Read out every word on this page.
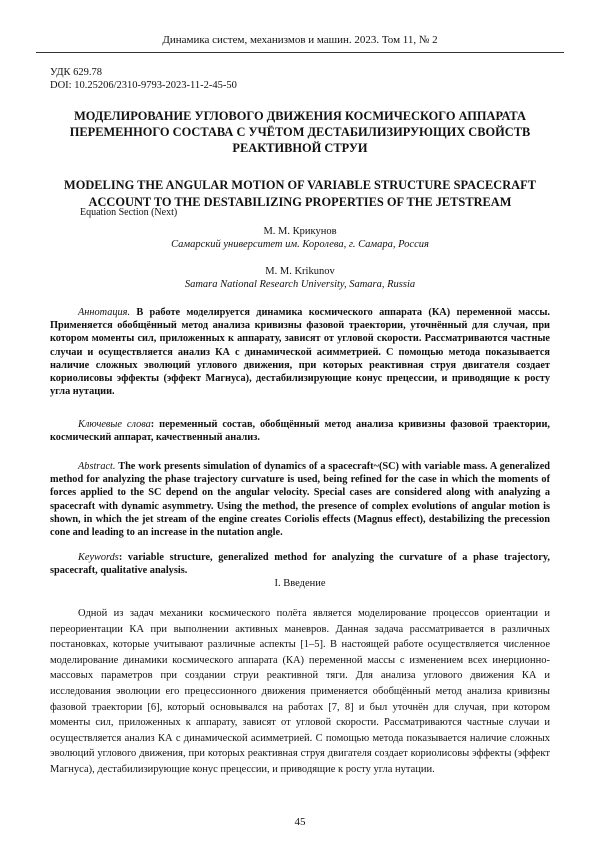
Динамика систем, механизмов и машин. 2023. Том 11, № 2
УДК 629.78
DOI: 10.25206/2310-9793-2023-11-2-45-50
МОДЕЛИРОВАНИЕ УГЛОВОГО ДВИЖЕНИЯ КОСМИЧЕСКОГО АППАРАТА ПЕРЕМЕННОГО СОСТАВА С УЧЁТОМ ДЕСТАБИЛИЗИРУЮЩИХ СВОЙСТВ РЕАКТИВНОЙ СТРУИ
MODELING THE ANGULAR MOTION OF VARIABLE STRUCTURE SPACECRAFT ACCOUNT TO THE DESTABILIZING PROPERTIES OF THE JETSTREAM
Equation Section (Next)
М. М. Крикунов
Самарский университет им. Королева, г. Самара, Россия
M. M. Krikunov
Samara National Research University, Samara, Russia
Аннотация. В работе моделируется динамика космического аппарата (КА) переменной массы. Применяется обобщённый метод анализа кривизны фазовой траектории, уточнённый для случая, при котором моменты сил, приложенных к аппарату, зависят от угловой скорости. Рассматриваются частные случаи и осуществляется анализ КА с динамической асимметрией. С помощью метода показывается наличие сложных эволюций углового движения, при которых реактивная струя двигателя создает кориолисовы эффекты (эффект Магнуса), дестабилизирующие конус прецессии, и приводящие к росту угла нутации.
Ключевые слова: переменный состав, обобщённый метод анализа кривизны фазовой траектории, космический аппарат, качественный анализ.
Abstract. The work presents simulation of dynamics of a spacecraft~(SC) with variable mass. A generalized method for analyzing the phase trajectory curvature is used, being refined for the case in which the moments of forces applied to the SC depend on the angular velocity. Special cases are considered along with analyzing a spacecraft with dynamic asymmetry. Using the method, the presence of complex evolutions of angular motion is shown, in which the jet stream of the engine creates Coriolis effects (Magnus effect), destabilizing the precession cone and leading to an increase in the nutation angle.
Keywords: variable structure, generalized method for analyzing the curvature of a phase trajectory, spacecraft, qualitative analysis.
I. Введение
Одной из задач механики космического полёта является моделирование процессов ориентации и переориентации КА при выполнении активных маневров. Данная задача рассматривается в различных постановках, которые учитывают различные аспекты [1–5]. В настоящей работе осуществляется численное моделирование динамики космического аппарата (КА) переменной массы с изменением всех инерционно-массовых параметров при создании струи реактивной тяги. Для анализа углового движения КА и исследования эволюции его прецессионного движения применяется обобщённый метод анализа кривизны фазовой траектории [6], который основывался на работах [7, 8] и был уточнён для случая, при котором моменты сил, приложенных к аппарату, зависят от угловой скорости. Рассматриваются частные случаи и осуществляется анализ КА с динамической асимметрией. С помощью метода показывается наличие сложных эволюций углового движения, при которых реактивная струя двигателя создает кориолисовы эффекты (эффект Магнуса), дестабилизирующие конус прецессии, и приводящие к росту угла нутации.
45
